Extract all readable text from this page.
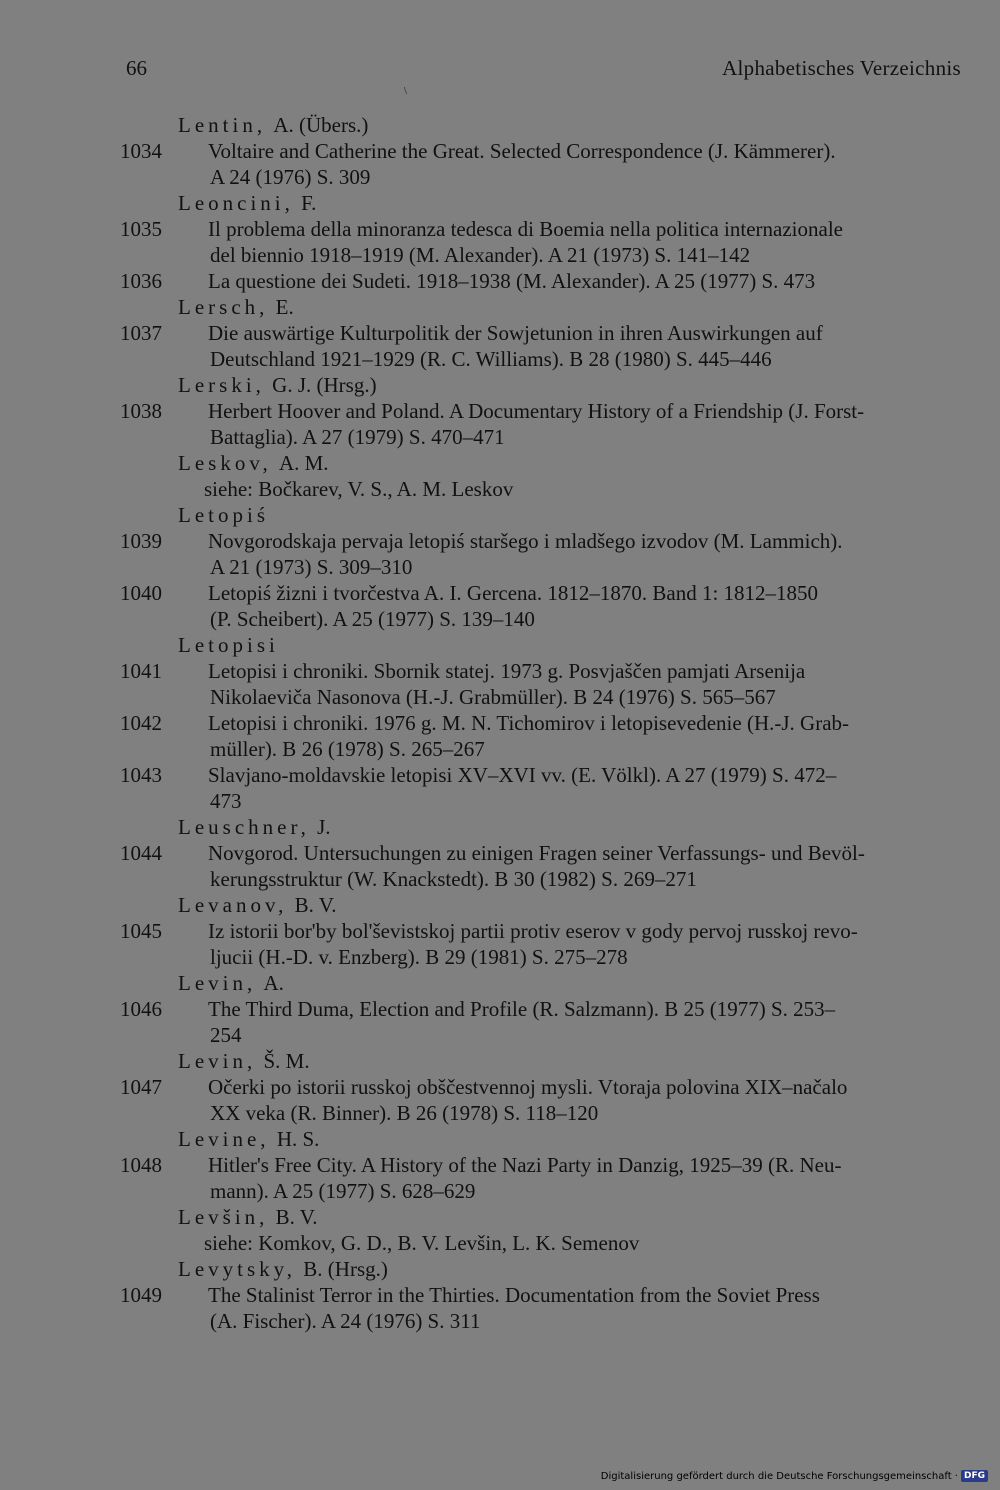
66
\
Alphabetisches Verzeichnis
Lentin, A. (Übers.)
1034	Voltaire and Catherine the Great. Selected Correspondence (J. Kämmerer).
A 24 (1976) S. 309
Leoncini, F.
1035	Il problema della minoranza tedesca di Boemia nella politica internazionale
del biennio 1918–1919 (M. Alexander). A 21 (1973) S. 141–142
1036	La questione dei Sudeti. 1918–1938 (M. Alexander). A 25 (1977) S. 473
Lersch, E.
1037	Die auswärtige Kulturpolitik der Sowjetunion in ihren Auswirkungen auf
Deutschland 1921–1929 (R. C. Williams). B 28 (1980) S. 445–446
Lerski, G. J. (Hrsg.)
1038	Herbert Hoover and Poland. A Documentary History of a Friendship (J. Forst-
Battaglia). A 27 (1979) S. 470–471
Leskov, A. M.
siehe: Bočkarev, V. S., A. M. Leskov
Letopiś
1039	Novgorodskaja pervaja letopiś staršego i mladšego izvodov (M. Lammich).
A 21 (1973) S. 309–310
1040	Letopiś žizni i tvorčestva A. I. Gercena. 1812–1870. Band 1: 1812–1850
(P. Scheibert). A 25 (1977) S. 139–140
Letopisi
1041	Letopisi i chroniki. Sbornik statej. 1973 g. Posvjaščen pamjati Arsenija
Nikolaeviča Nasonova (H.-J. Grabmüller). B 24 (1976) S. 565–567
1042	Letopisi i chroniki. 1976 g. M. N. Tichomirov i letopisevedenie (H.-J. Grab-
müller). B 26 (1978) S. 265–267
1043	Slavjano-moldavskie letopisi XV–XVI vv. (E. Völkl). A 27 (1979) S. 472–
473
Leuschner, J.
1044	Novgorod. Untersuchungen zu einigen Fragen seiner Verfassungs- und Bevöl-
kerungsstruktur (W. Knackstedt). B 30 (1982) S. 269–271
Levanov, B. V.
1045	Iz istorii bor'by bol'ševistskoj partii protiv eserov v gody pervoj russkoj revo-
ljucii (H.-D. v. Enzberg). B 29 (1981) S. 275–278
Levin, A.
1046	The Third Duma, Election and Profile (R. Salzmann). B 25 (1977) S. 253–
254
Levin, Š. M.
1047	Očerki po istorii russkoj obščestvennoj mysli. Vtoraja polovina XIX–načalo
XX veka (R. Binner). B 26 (1978) S. 118–120
Levine, H. S.
1048	Hitler's Free City. A History of the Nazi Party in Danzig, 1925–39 (R. Neu-
mann). A 25 (1977) S. 628–629
Levšin, B. V.
siehe: Komkov, G. D., B. V. Levšin, L. K. Semenov
Levytsky, B. (Hrsg.)
1049	The Stalinist Terror in the Thirties. Documentation from the Soviet Press
(A. Fischer). A 24 (1976) S. 311
Digitalisierung gefördert durch die Deutsche Forschungsgemeinschaft · DFG
